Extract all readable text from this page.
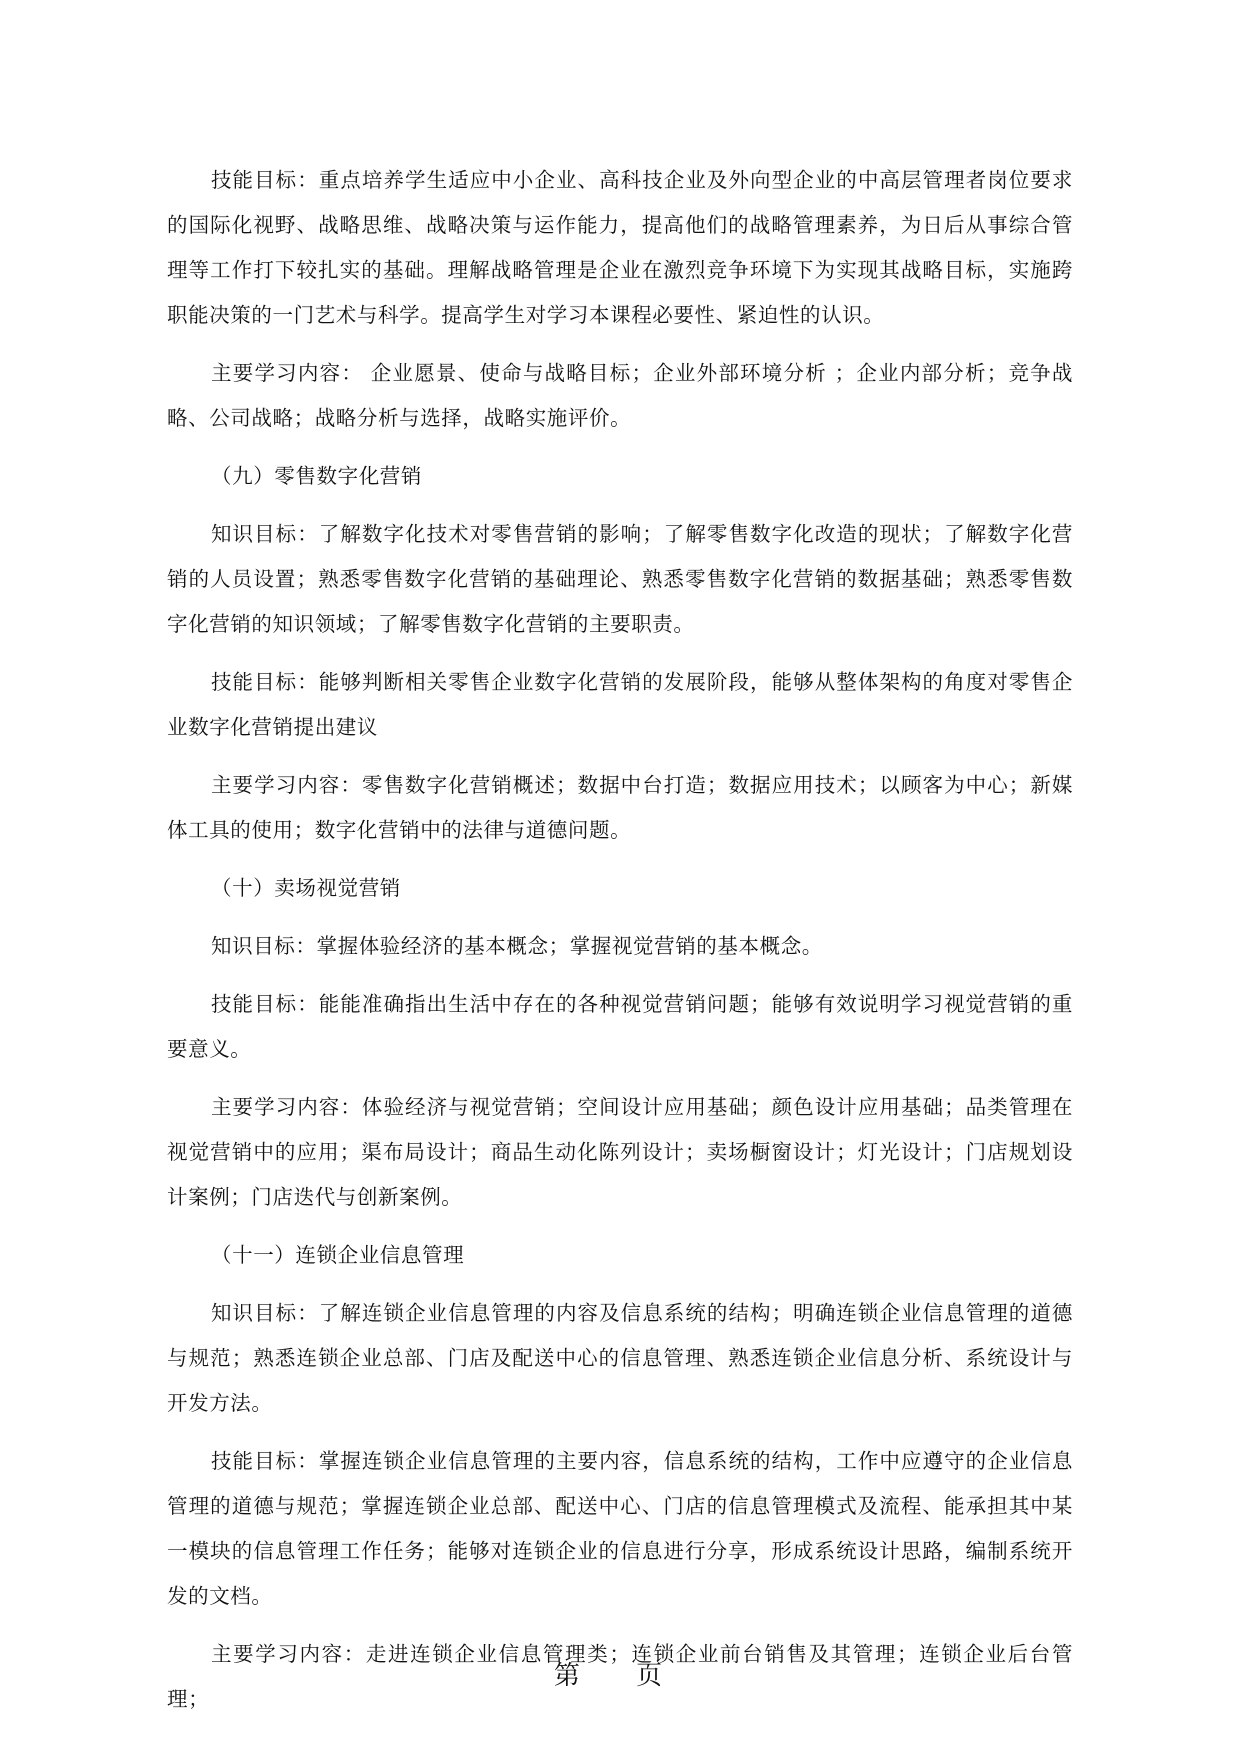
技能目标：重点培养学生适应中小企业、高科技企业及外向型企业的中高层管理者岗位要求的国际化视野、战略思维、战略决策与运作能力，提高他们的战略管理素养，为日后从事综合管理等工作打下较扎实的基础。理解战略管理是企业在激烈竞争环境下为实现其战略目标，实施跨职能决策的一门艺术与科学。提高学生对学习本课程必要性、紧迫性的认识。

主要学习内容： 企业愿景、使命与战略目标；企业外部环境分析 ；企业内部分析；竞争战略、公司战略；战略分析与选择，战略实施评价。

（九）零售数字化营销

知识目标：了解数字化技术对零售营销的影响；了解零售数字化改造的现状；了解数字化营销的人员设置；熟悉零售数字化营销的基础理论、熟悉零售数字化营销的数据基础；熟悉零售数字化营销的知识领域；了解零售数字化营销的主要职责。

技能目标：能够判断相关零售企业数字化营销的发展阶段，能够从整体架构的角度对零售企业数字化营销提出建议

主要学习内容：零售数字化营销概述；数据中台打造；数据应用技术；以顾客为中心；新媒体工具的使用；数字化营销中的法律与道德问题。

（十）卖场视觉营销

知识目标：掌握体验经济的基本概念；掌握视觉营销的基本概念。

技能目标：能能准确指出生活中存在的各种视觉营销问题；能够有效说明学习视觉营销的重要意义。

主要学习内容：体验经济与视觉营销；空间设计应用基础；颜色设计应用基础；品类管理在视觉营销中的应用；渠布局设计；商品生动化陈列设计；卖场橱窗设计；灯光设计；门店规划设计案例；门店迭代与创新案例。

（十一）连锁企业信息管理

知识目标：了解连锁企业信息管理的内容及信息系统的结构；明确连锁企业信息管理的道德与规范；熟悉连锁企业总部、门店及配送中心的信息管理、熟悉连锁企业信息分析、系统设计与开发方法。

技能目标：掌握连锁企业信息管理的主要内容，信息系统的结构，工作中应遵守的企业信息管理的道德与规范；掌握连锁企业总部、配送中心、门店的信息管理模式及流程、能承担其中某一模块的信息管理工作任务；能够对连锁企业的信息进行分享，形成系统设计思路，编制系统开发的文档。

主要学习内容：走进连锁企业信息管理类；连锁企业前台销售及其管理；连锁企业后台管理；

第 页
